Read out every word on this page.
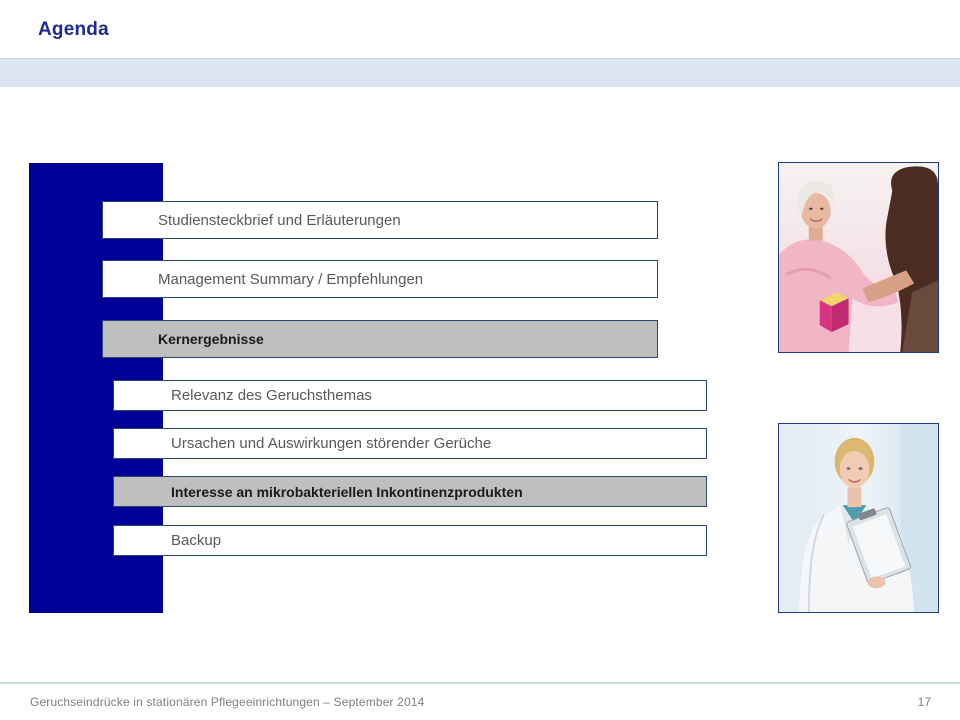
Agenda
Studiensteckbrief und Erläuterungen
Management Summary / Empfehlungen
Kernergebnisse
Relevanz des Geruchsthemas
Ursachen und Auswirkungen störender Gerüche
Interesse an mikrobakteriellen Inkontinenzprodukten
Backup
Geruchseindrücke in stationären Pflegeeinrichtungen – September 2014	17
